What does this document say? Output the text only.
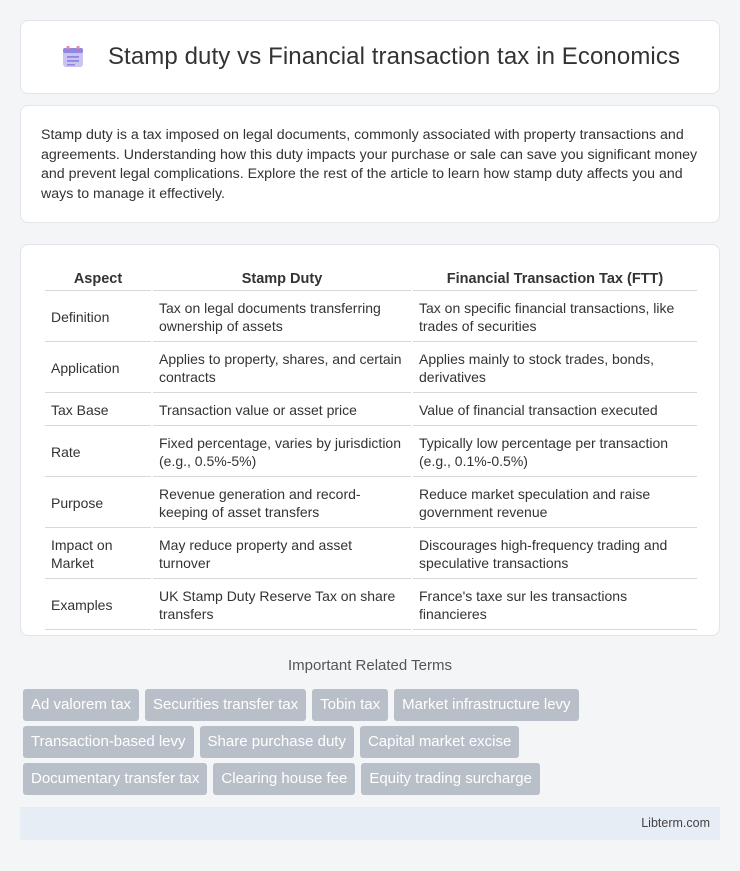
Stamp duty vs Financial transaction tax in Economics

Stamp duty is a tax imposed on legal documents, commonly associated with property transactions and agreements. Understanding how this duty impacts your purchase or sale can save you significant money and prevent legal complications. Explore the rest of the article to learn how stamp duty affects you and ways to manage it effectively.

Aspect	Stamp Duty	Financial Transaction Tax (FTT)
Definition	Tax on legal documents transferring ownership of assets	Tax on specific financial transactions, like trades of securities
Application	Applies to property, shares, and certain contracts	Applies mainly to stock trades, bonds, derivatives
Tax Base	Transaction value or asset price	Value of financial transaction executed
Rate	Fixed percentage, varies by jurisdiction (e.g., 0.5%-5%)	Typically low percentage per transaction (e.g., 0.1%-0.5%)
Purpose	Revenue generation and record-keeping of asset transfers	Reduce market speculation and raise government revenue
Impact on Market	May reduce property and asset turnover	Discourages high-frequency trading and speculative transactions
Examples	UK Stamp Duty Reserve Tax on share transfers	France's taxe sur les transactions financieres
Important Related Terms
Ad valorem tax	Securities transfer tax	Tobin tax	Market infrastructure levy
Transaction-based levy	Share purchase duty	Capital market excise
Documentary transfer tax	Clearing house fee	Equity trading surcharge
Libterm.com
